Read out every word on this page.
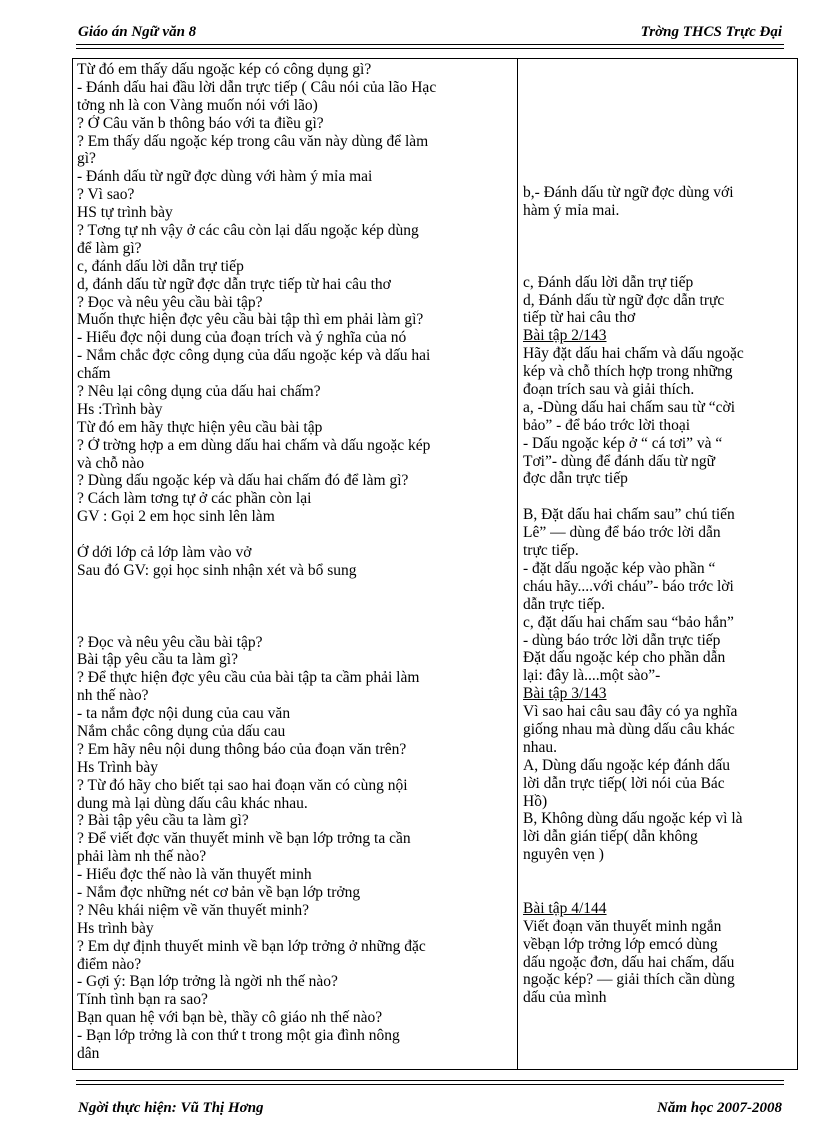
Giáo án Ngữ văn 8	Trờng THCS Trực Đại
Từ đó em thấy dấu ngoặc kép có công dụng gì?
- Đánh dấu hai đầu lời dẫn trực tiếp ( Câu nói của lão Hạc
tởng nh là con Vàng muốn nói với lão)
? Ở Câu văn b thông báo với ta điều gì?
? Em thấy dấu ngoặc kép trong câu văn này dùng để làm
gì?
- Đánh dấu từ ngữ đợc dùng với hàm ý mỉa mai
? Vì sao?
HS tự trình bày
? Tơng tự nh vậy ở các câu còn lại dấu ngoặc kép dùng
để làm gì?
c, đánh dấu lời dẫn trự tiếp
d, đánh dấu từ ngữ đợc dẫn trực tiếp từ hai câu thơ
? Đọc và nêu yêu cầu bài tập?
Muốn thực hiện đợc yêu cầu bài tập thì em phải làm gì?
- Hiểu đợc nội dung của đoạn trích và ý nghĩa của nó
- Nắm chắc đợc công dụng của dấu ngoặc kép và dấu hai
chấm
? Nêu lại công dụng của dấu hai chấm?
Hs :Trình bày
Từ đó em hãy thực hiện yêu cầu bài tập
? Ở trờng hợp a em dùng dấu hai chấm và dấu ngoặc kép
và chỗ nào
? Dùng dấu ngoặc kép và dấu hai chấm đó để làm gì?
? Cách làm tơng tự ở các phần còn lại
GV : Gọi 2 em học sinh lên làm
Ở dới lớp cả lớp làm vào vở
Sau đó GV: gọi học sinh nhận xét và bổ sung
? Đọc và nêu yêu cầu bài tập?
Bài tập yêu cầu ta làm gì?
? Để thực hiện đợc yêu cầu của bài tập ta cầm phải làm
nh thế nào?
- ta nắm đợc nội dung của cau văn
Nắm chắc công dụng của dấu cau
? Em hãy nêu nội dung thông báo của đoạn văn trên?
Hs Trình bày
? Từ đó hãy cho biết tại sao hai đoạn văn có cùng nội
dung mà lại dùng dấu câu khác nhau.
? Bài tập yêu cầu ta làm gì?
? Để viết đợc văn thuyết minh về bạn lớp trởng ta cần
phải làm nh thế nào?
- Hiểu đợc thế nào là văn thuyết minh
- Nắm đợc những nét cơ bản về bạn lớp trởng
? Nêu khái niệm về văn thuyết minh?
Hs trình bày
? Em dự định thuyết minh về bạn lớp trởng ở những đặc
điểm nào?
- Gợi ý: Bạn lớp trởng là ngời nh thế nào?
Tính tình bạn ra sao?
Bạn quan hệ với bạn bè, thầy cô giáo nh thế nào?
- Bạn lớp trởng là con thứ t trong một gia đình nông
dân
b,- Đánh dấu từ ngữ đợc dùng với
hàm ý mỉa mai.
c, Đánh dấu lời dẫn trự tiếp
d, Đánh dấu từ ngữ đợc dẫn trực
tiếp từ hai câu thơ
Bài tập 2/143
Hãy đặt dấu hai chấm và dấu ngoặc
kép và chỗ thích hợp trong những
đoạn trích sau và giải thích.
a, -Dùng dấu hai chấm sau từ “cời
bảo” - để báo trớc lời thoại
- Dấu ngoặc kép ở “ cá tơi” và “
Tơi”- dùng để đánh dấu từ ngữ
đợc dẫn trực tiếp
B, Đặt dấu hai chấm sau” chú tiến
Lê” — dùng để báo trớc lời dẫn
trực tiếp.
- đặt dấu ngoặc kép vào phần “
cháu hãy....với cháu”- báo trớc lời
dẫn trực tiếp.
c, đặt dấu hai chấm sau “bảo hắn”
- dùng báo trớc lời dẫn trực tiếp
Đặt dấu ngoặc kép cho phần dẫn
lại: đây là....một sào”-
Bài tập 3/143
Vì sao hai câu sau đây có ya nghĩa
giống nhau mà dùng dấu câu khác
nhau.
A, Dùng dấu ngoặc kép đánh dấu
lời dẫn trực tiếp( lời nói của Bác
Hồ)
B, Không dùng dấu ngoặc kép vì là
lời dẫn gián tiếp( dẫn không
nguyên vẹn )
Bài tập 4/144
Viết đoạn văn thuyết minh ngắn
vềbạn lớp trởng lớp emcó dùng
dấu ngoặc đơn, dấu hai chấm, dấu
ngoặc kép? — giải thích cần dùng
dấu của mình
Ngời thực hiện: Vũ Thị Hơng	Năm học 2007-2008
